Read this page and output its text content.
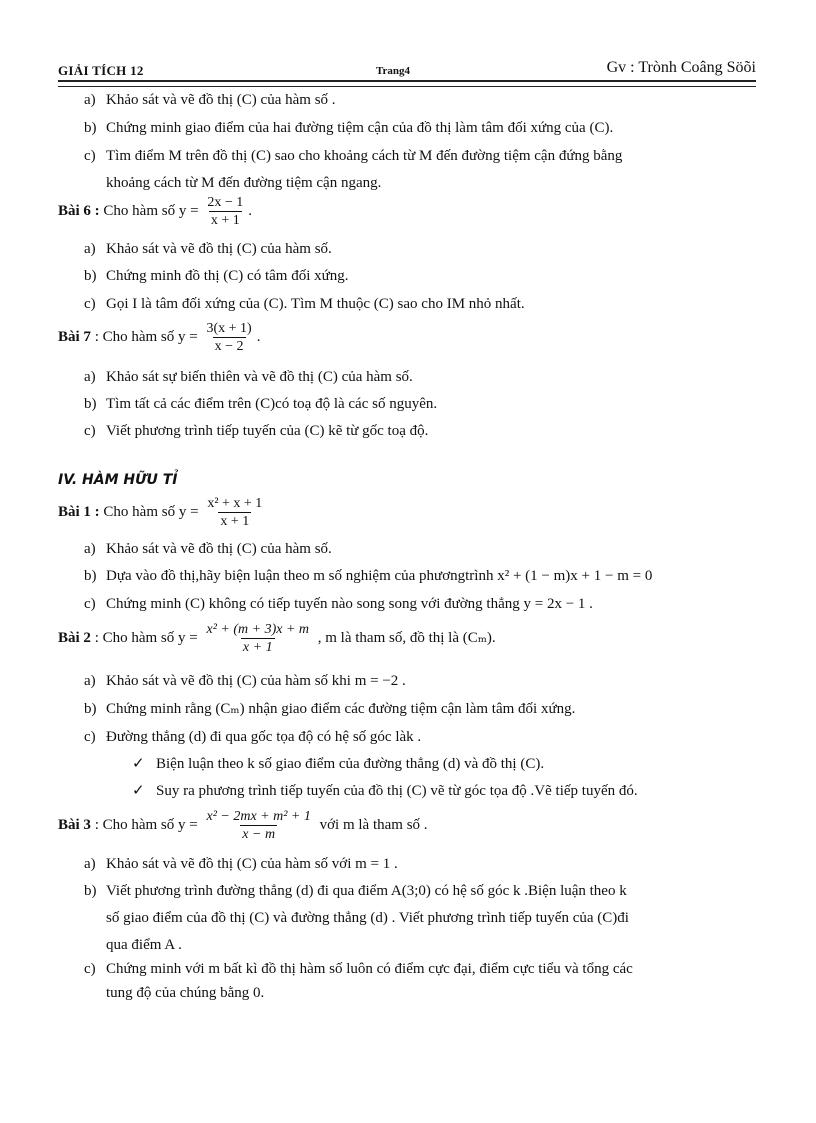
GIẢI TÍCH 12	Trang4	Gv : Trònh Coâng Söõi
a) Khảo sát và vẽ đồ thị (C) của hàm số .
b) Chứng minh giao điểm của hai đường tiệm cận của đồ thị làm tâm đối xứng của (C).
c) Tìm điểm M trên đồ thị (C) sao cho khoảng cách từ M đến đường tiệm cận đứng bằng
khoảng cách từ M đến đường tiệm cận ngang.
Bài 6 : Cho hàm số $y = \frac{2x - 1}{x + 1}$ .
a) Khảo sát và vẽ đồ thị (C) của hàm số.
b) Chứng minh đồ thị (C) có tâm đối xứng.
c) Gọi I là tâm đối xứng của (C). Tìm M thuộc (C) sao cho IM nhỏ nhất.
Bài 7 : Cho hàm số $y = \frac{3(x + 1)}{x - 2}$ .
a) Khảo sát sự biến thiên và vẽ đồ thị (C) của hàm số.
b) Tìm tất cả các điểm trên (C)có toạ độ là các số nguyên.
c) Viết phương trình tiếp tuyến của (C) kẽ từ gốc toạ độ.
IV. HÀM HỮU TỈ
Bài 1 : Cho hàm số $y = \frac{\text{x² + x + 1}}{x + 1}$
a) Khảo sát và vẽ đồ thị (C) của hàm số.
b) Dựa vào đồ thị,hãy biện luận theo m số nghiệm của phươngtrình x² + (1 − m)x + 1 − m = 0
c) Chứng minh (C) không có tiếp tuyến nào song song với đường thẳng y = 2x − 1 .
Bài 2 : Cho hàm số $y = \frac{\text{x² + (m + 3)x + m}}{x + 1}$ , m là tham số, đồ thị là (Cₘ).
a) Khảo sát và vẽ đồ thị (C) của hàm số khi m = −2 .
b) Chứng minh rằng (Cₘ) nhận giao điểm các đường tiệm cận làm tâm đối xứng.
c) Đường thẳng (d) đi qua gốc tọa độ có hệ số góc làk .
✓ Biện luận theo k số giao điểm của đường thẳng (d) và đồ thị (C).
✓ Suy ra phương trình tiếp tuyến của đồ thị (C) vẽ từ góc tọa độ .Vẽ tiếp tuyến đó.
Bài 3 : Cho hàm số $y = \frac{\text{x² − 2mx + m² + 1}}{x - m}$ với m là tham số .
a) Khảo sát và vẽ đồ thị (C) của hàm số với m = 1 .
b) Viết phương trình đường thẳng (d) đi qua điểm A(3;0) có hệ số góc k .Biện luận theo k
số giao điểm của đồ thị (C) và đường thẳng (d) . Viết phương trình tiếp tuyến của (C)đi
qua điểm A .
c) Chứng minh với m bất kì đồ thị hàm số luôn có điểm cực đại, điểm cực tiểu và tổng các
tung độ của chúng bằng 0.
